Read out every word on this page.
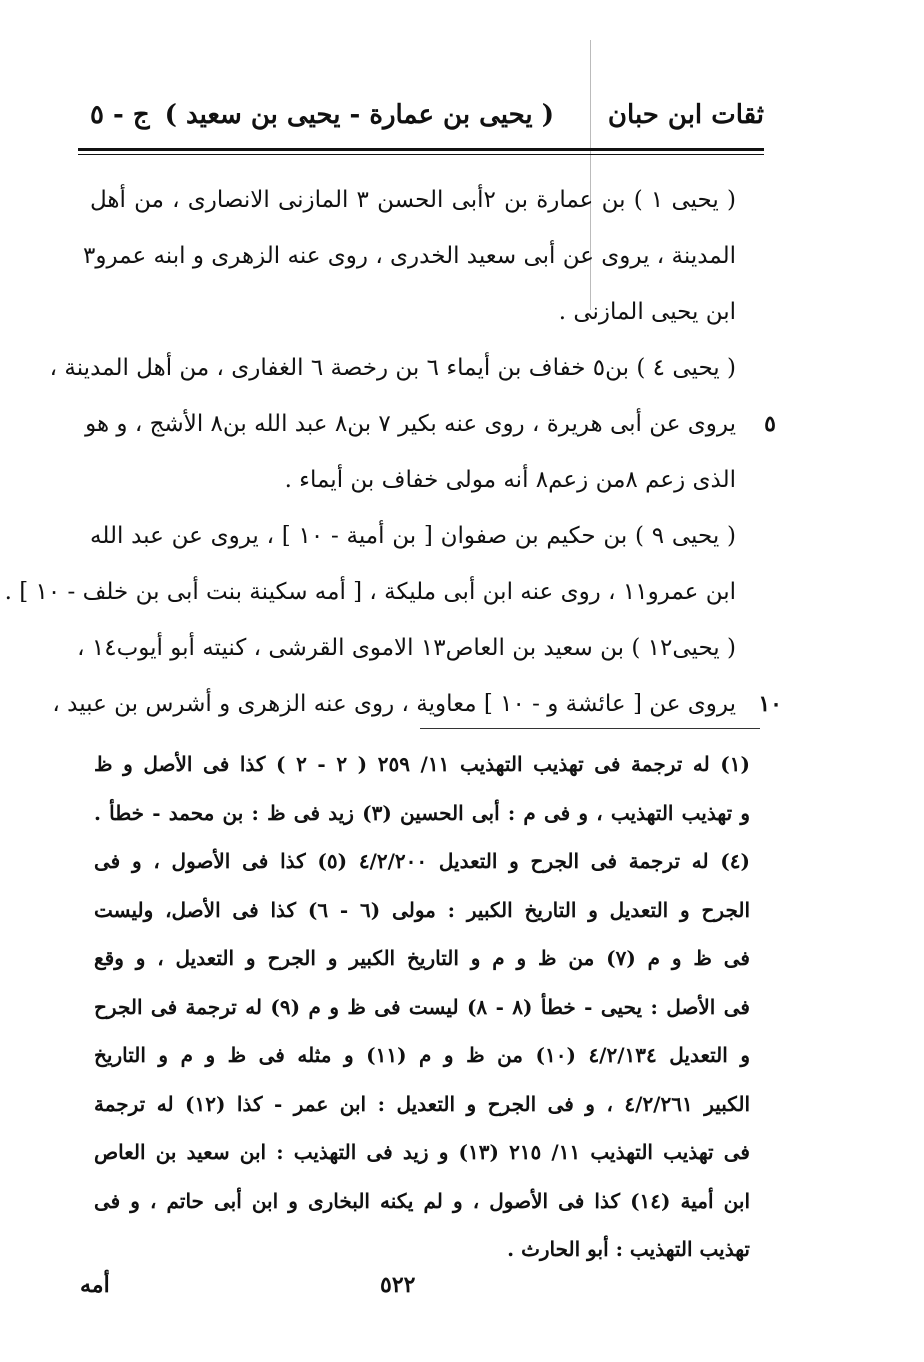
ثقات ابن حبان
( يحيى بن عمارة - يحيى بن سعيد )
ج - ٥
( يحيى ١ ) بن عمارة بن ٢أبى الحسن ٣ المازنى الانصارى ، من أهل
المدينة ، يروى عن أبى سعيد الخدرى ، روى عنه الزهرى و ابنه عمرو٣
ابن يحيى المازنى .
( يحيى ٤ ) بن٥ خفاف بن أيماء ٦ بن رخصة ٦ الغفارى ، من أهل المدينة ،
٥
يروى عن أبى هريرة ، روى عنه بكير ٧ بن٨ عبد الله بن٨ الأشج ، و هو
الذى زعم ٨من زعم٨ أنه مولى خفاف بن أيماء .
( يحيى ٩ ) بن حكيم بن صفوان [ بن أمية - ١٠ ] ، يروى عن عبد الله
ابن عمرو١١ ، روى عنه ابن أبى مليكة ، [ أمه سكينة بنت أبى بن خلف - ١٠ ] .
( يحيى١٢ ) بن سعيد بن العاص١٣ الاموى القرشى ، كنيته أبو أيوب١٤ ،
١٠
يروى عن [ عائشة و - ١٠ ] معاوية ، روى عنه الزهرى و أشرس بن عبيد ،
(١) له ترجمة فى تهذيب التهذيب ١١/ ٢٥٩ ( ٢ - ٢ ) كذا فى الأصل و ظ
و تهذيب التهذيب ، و فى م : أبى الحسين (٣) زيد فى ظ : بن محمد - خطأ .
(٤) له ترجمة فى الجرح و التعديل ٤/٢/٢٠٠ (٥) كذا فى الأصول ، و فى
الجرح و التعديل و التاريخ الكبير : مولى (٦ - ٦) كذا فى الأصل، وليست
فى ظ و م (٧) من ظ و م و التاريخ الكبير و الجرح و التعديل ، و وقع
فى الأصل : يحيى - خطأ (٨ - ٨) ليست فى ظ و م (٩) له ترجمة فى الجرح
و التعديل ٤/٢/١٣٤ (١٠) من ظ و م (١١) و مثله فى ظ و م و التاريخ
الكبير ٤/٢/٢٦١ ، و فى الجرح و التعديل : ابن عمر - كذا (١٢) له ترجمة
فى تهذيب التهذيب ١١/ ٢١٥ (١٣) و زيد فى التهذيب : ابن سعيد بن العاص
ابن أمية (١٤) كذا فى الأصول ، و لم يكنه البخارى و ابن أبى حاتم ، و فى
تهذيب التهذيب : أبو الحارث .
٥٢٢
أمه
